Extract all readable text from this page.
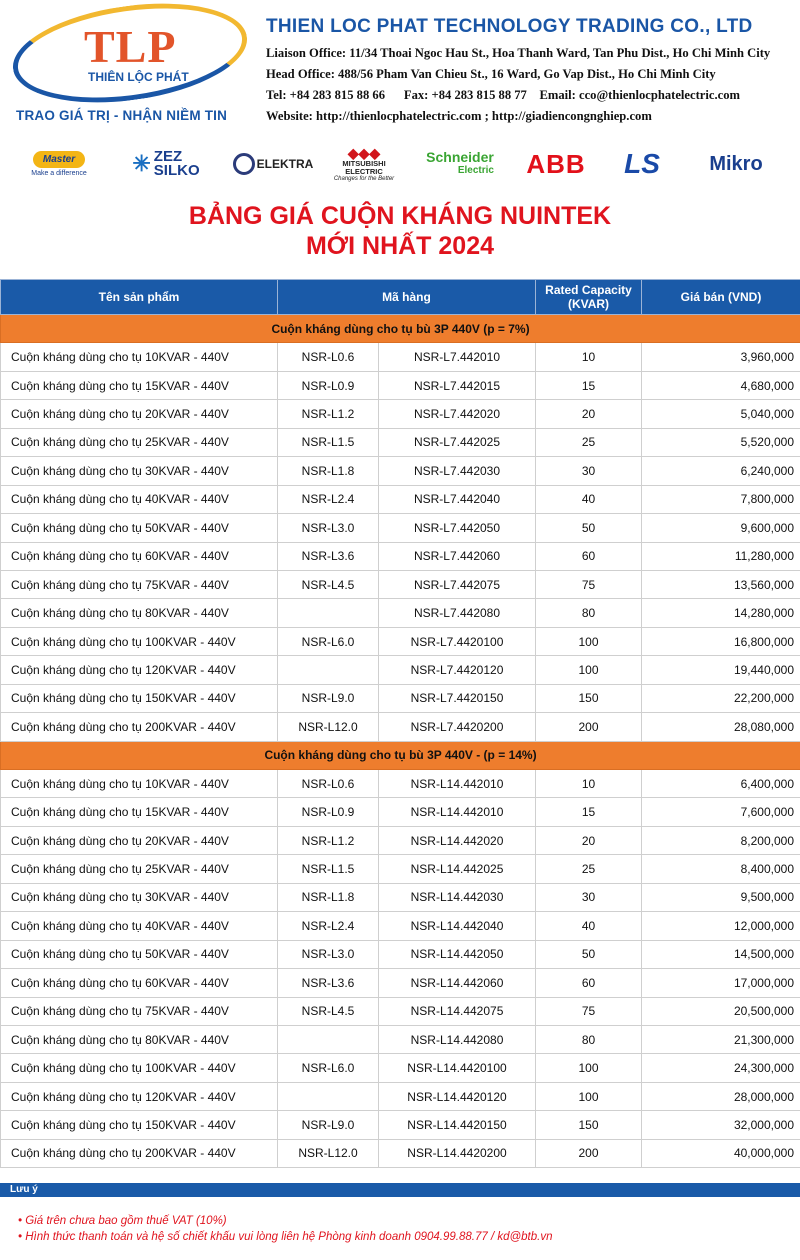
TLP
THIÊN LỘC PHÁT
TRAO GIÁ TRỊ - NHẬN NIỀM TIN
THIEN LOC PHAT TECHNOLOGY TRADING CO., LTD
Liaison Office: 11/34 Thoai Ngoc Hau St., Hoa Thanh Ward, Tan Phu Dist., Ho Chi Minh City
Head Office: 488/56 Pham Van Chieu St., 16 Ward, Go Vap Dist., Ho Chi Minh City
Tel: +84 283 815 88 66      Fax: +84 283 815 88 77    Email: cco@thienlocphatelectric.com
Website: http://thienlocphatelectric.com ; http://giadiencongnghiep.com
Master
Make a difference ✳ ZEZ
SILKO	ELEKTRA
◆◆◆
MITSUBISHI
ELECTRIC
Changes for the Better
Schneider
Electric ABB	LS	Mikro
BẢNG GIÁ CUỘN KHÁNG NUINTEK
MỚI NHẤT 2024
Tên sản phẩm	Mã hàng		Rated Capacity (KVAR)	Giá bán (VND)
Cuộn kháng dùng cho tụ bù 3P 440V (p = 7%)				
Cuộn kháng dùng cho tụ 10KVAR - 440V	NSR-L0.6	NSR-L7.442010	10	3,960,000
Cuộn kháng dùng cho tụ 15KVAR - 440V	NSR-L0.9	NSR-L7.442015	15	4,680,000
Cuộn kháng dùng cho tụ 20KVAR - 440V	NSR-L1.2	NSR-L7.442020	20	5,040,000
Cuộn kháng dùng cho tụ 25KVAR - 440V	NSR-L1.5	NSR-L7.442025	25	5,520,000
Cuộn kháng dùng cho tụ 30KVAR - 440V	NSR-L1.8	NSR-L7.442030	30	6,240,000
Cuộn kháng dùng cho tụ 40KVAR - 440V	NSR-L2.4	NSR-L7.442040	40	7,800,000
Cuộn kháng dùng cho tụ 50KVAR - 440V	NSR-L3.0	NSR-L7.442050	50	9,600,000
Cuộn kháng dùng cho tụ 60KVAR - 440V	NSR-L3.6	NSR-L7.442060	60	11,280,000
Cuộn kháng dùng cho tụ 75KVAR - 440V	NSR-L4.5	NSR-L7.442075	75	13,560,000
Cuộn kháng dùng cho tụ 80KVAR - 440V		NSR-L7.442080	80	14,280,000
Cuộn kháng dùng cho tụ 100KVAR - 440V	NSR-L6.0	NSR-L7.4420100	100	16,800,000
Cuộn kháng dùng cho tụ 120KVAR - 440V		NSR-L7.4420120	100	19,440,000
Cuộn kháng dùng cho tụ 150KVAR - 440V	NSR-L9.0	NSR-L7.4420150	150	22,200,000
Cuộn kháng dùng cho tụ 200KVAR - 440V	NSR-L12.0	NSR-L7.4420200	200	28,080,000
Cuộn kháng dùng cho tụ bù 3P 440V - (p = 14%)				
Cuộn kháng dùng cho tụ 10KVAR - 440V	NSR-L0.6	NSR-L14.442010	10	6,400,000
Cuộn kháng dùng cho tụ 15KVAR - 440V	NSR-L0.9	NSR-L14.442010	15	7,600,000
Cuộn kháng dùng cho tụ 20KVAR - 440V	NSR-L1.2	NSR-L14.442020	20	8,200,000
Cuộn kháng dùng cho tụ 25KVAR - 440V	NSR-L1.5	NSR-L14.442025	25	8,400,000
Cuộn kháng dùng cho tụ 30KVAR - 440V	NSR-L1.8	NSR-L14.442030	30	9,500,000
Cuộn kháng dùng cho tụ 40KVAR - 440V	NSR-L2.4	NSR-L14.442040	40	12,000,000
Cuộn kháng dùng cho tụ 50KVAR - 440V	NSR-L3.0	NSR-L14.442050	50	14,500,000
Cuộn kháng dùng cho tụ 60KVAR - 440V	NSR-L3.6	NSR-L14.442060	60	17,000,000
Cuộn kháng dùng cho tụ 75KVAR - 440V	NSR-L4.5	NSR-L14.442075	75	20,500,000
Cuộn kháng dùng cho tụ 80KVAR - 440V		NSR-L14.442080	80	21,300,000
Cuộn kháng dùng cho tụ 100KVAR - 440V	NSR-L6.0	NSR-L14.4420100	100	24,300,000
Cuộn kháng dùng cho tụ 120KVAR - 440V		NSR-L14.4420120	100	28,000,000
Cuộn kháng dùng cho tụ 150KVAR - 440V	NSR-L9.0	NSR-L14.4420150	150	32,000,000
Cuộn kháng dùng cho tụ 200KVAR - 440V	NSR-L12.0	NSR-L14.4420200	200	40,000,000
Lưu ý
• Giá trên chưa bao gồm thuế VAT (10%)
• Hình thức thanh toán và hệ số chiết khấu vui lòng liên hệ Phòng kinh doanh 0904.99.88.77 / kd@btb.vn
